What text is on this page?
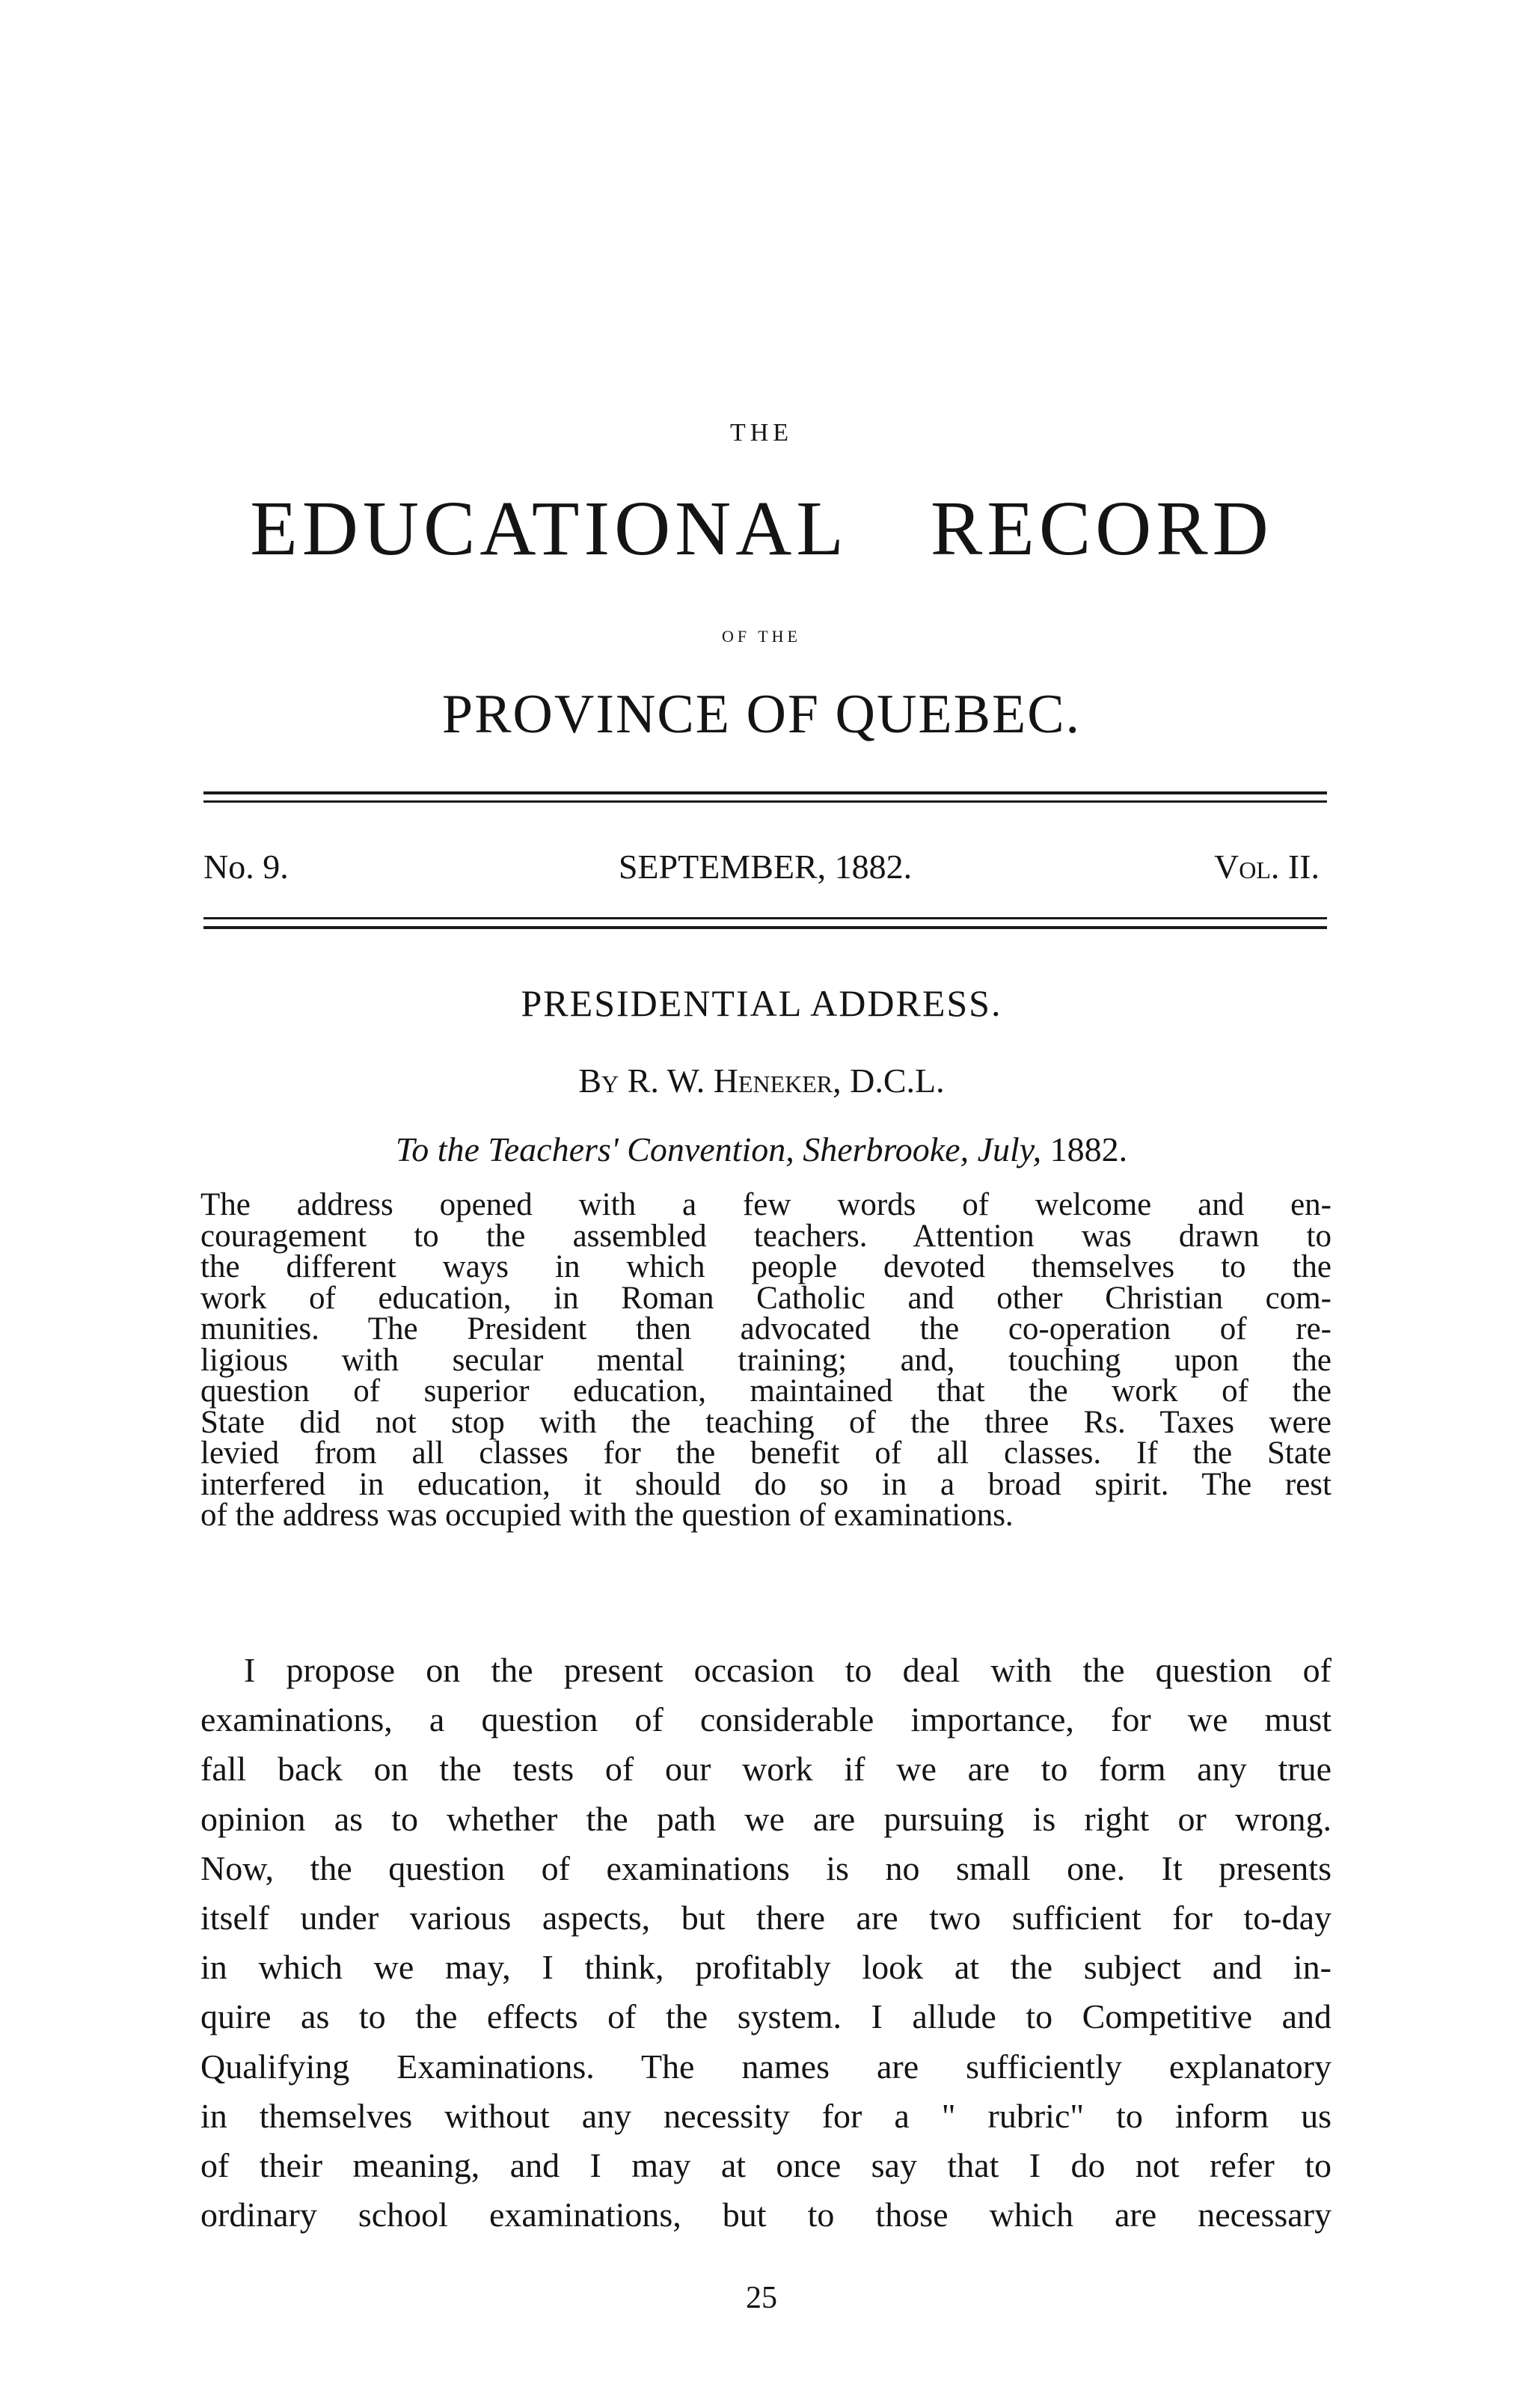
THE
EDUCATIONAL RECORD
OF THE
PROVINCE OF QUEBEC.
No. 9.	SEPTEMBER, 1882.	Vol. II.
PRESIDENTIAL ADDRESS.
By R. W. Heneker, D.C.L.
To the Teachers' Convention, Sherbrooke, July, 1882.
The address opened with a few words of welcome and en-
couragement to the assembled teachers. Attention was drawn to
the different ways in which people devoted themselves to the
work of education, in Roman Catholic and other Christian com-
munities. The President then advocated the co-operation of re-
ligious with secular mental training; and, touching upon the
question of superior education, maintained that the work of the
State did not stop with the teaching of the three Rs. Taxes were
levied from all classes for the benefit of all classes. If the State
interfered in education, it should do so in a broad spirit. The rest
of the address was occupied with the question of examinations.
I propose on the present occasion to deal with the question of
examinations, a question of considerable importance, for we must
fall back on the tests of our work if we are to form any true
opinion as to whether the path we are pursuing is right or wrong.
Now, the question of examinations is no small one. It presents
itself under various aspects, but there are two sufficient for to-day
in which we may, I think, profitably look at the subject and in-
quire as to the effects of the system. I allude to Competitive and
Qualifying Examinations. The names are sufficiently explanatory
in themselves without any necessity for a " rubric" to inform us
of their meaning, and I may at once say that I do not refer to
ordinary school examinations, but to those which are necessary
25
